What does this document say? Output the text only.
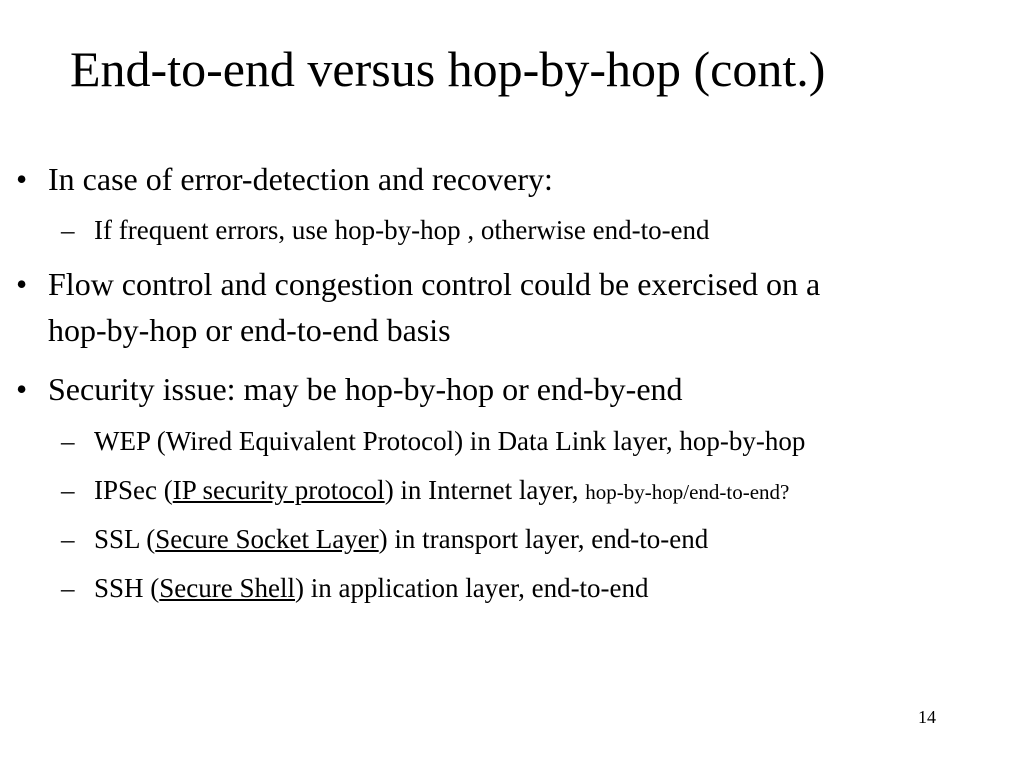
End-to-end versus hop-by-hop (cont.)
• In case of error-detection and recovery:
– If frequent errors, use hop-by-hop , otherwise end-to-end
• Flow control and congestion control could be exercised on a
hop-by-hop or end-to-end basis
• Security issue: may be hop-by-hop or end-by-end
– WEP (Wired Equivalent Protocol) in Data Link layer, hop-by-hop
– IPSec (IP security protocol) in Internet layer, hop-by-hop/end-to-end?
– SSL (Secure Socket Layer) in transport layer, end-to-end
– SSH (Secure Shell) in application layer, end-to-end
14
